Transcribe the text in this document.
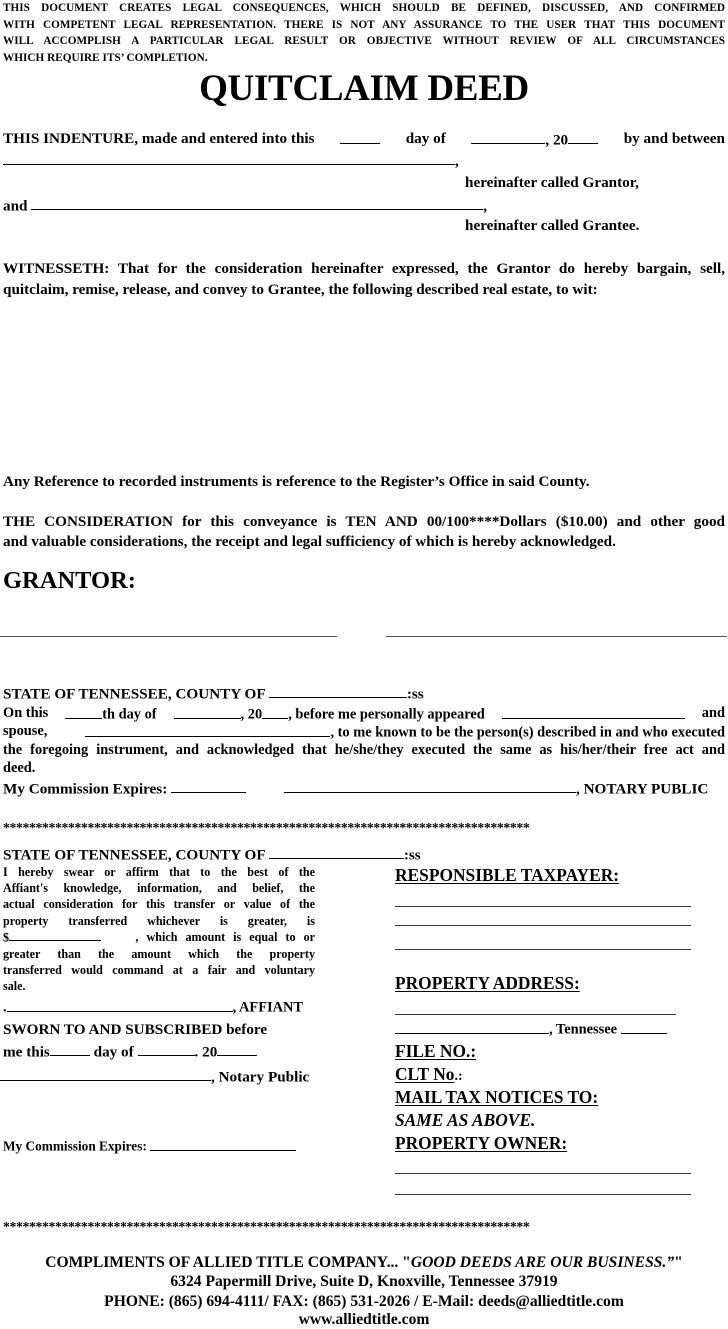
THIS DOCUMENT CREATES LEGAL CONSEQUENCES, WHICH SHOULD BE DEFINED, DISCUSSED, AND CONFIRMED
WITH COMPETENT LEGAL REPRESENTATION. THERE IS NOT ANY ASSURANCE TO THE USER THAT THIS DOCUMENT
WILL ACCOMPLISH A PARTICULAR LEGAL RESULT OR OBJECTIVE WITHOUT REVIEW OF ALL CIRCUMSTANCES
WHICH REQUIRE ITS’ COMPLETION.
QUITCLAIM DEED
THIS INDENTURE, made and entered into this	day of	, 20	by and between
,
hereinafter called Grantor,
and	,
hereinafter called Grantee.
WITNESSETH: That for the consideration hereinafter expressed, the Grantor do hereby bargain, sell,
quitclaim, remise, release, and convey to Grantee, the following described real estate, to wit:
Any Reference to recorded instruments is reference to the Register’s Office in said County.
THE CONSIDERATION for this conveyance is TEN AND 00/100****Dollars ($10.00) and other good
and valuable considerations, the receipt and legal sufficiency of which is hereby acknowledged.
GRANTOR:
STATE OF TENNESSEE, COUNTY OF	:ss
On this	th day of	, 20 , before me personally appeared	and
spouse,	, to me known to be the person(s) described in and who executed
the foregoing instrument, and acknowledged that he/she/they executed the same as his/her/their free act and
deed.
My Commission Expires:	, NOTARY PUBLIC
*********************************************************************************
STATE OF TENNESSEE, COUNTY OF	:ss
I hereby swear or affirm that to the best of the
Affiant's knowledge, information, and belief, the
actual consideration for this transfer or value of the
property transferred whichever is greater, is
$	, which amount is equal to or
greater than the amount which the property
transferred would command at a fair and voluntary
sale.
.	, AFFIANT
SWORN TO AND SUBSCRIBED before
me this	day of	. 20
, Notary Public
My Commission Expires:
RESPONSIBLE TAXPAYER:
PROPERTY ADDRESS:
, Tennessee
FILE NO.:
CLT No.:
MAIL TAX NOTICES TO:
SAME AS ABOVE.
PROPERTY OWNER:
*********************************************************************************
COMPLIMENTS OF ALLIED TITLE COMPANY... "GOOD DEEDS ARE OUR BUSINESS.”"
6324 Papermill Drive, Suite D, Knoxville, Tennessee 37919
PHONE: (865) 694-4111/ FAX: (865) 531-2026 / E-Mail: deeds@alliedtitle.com
www.alliedtitle.com
